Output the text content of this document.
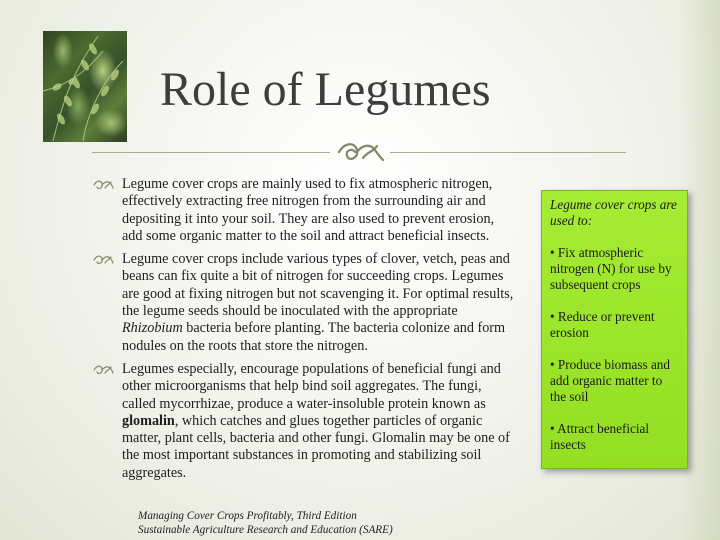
Role of Legumes
Legume cover crops are mainly used to fix atmospheric nitrogen, effectively extracting free nitrogen from the surrounding air and depositing it into your soil. They are also used to prevent erosion, add some organic matter to the soil and attract beneficial insects.
Legume cover crops include various types of clover, vetch, peas and beans can fix quite a bit of nitrogen for succeeding crops. Legumes are good at fixing nitrogen but not scavenging it. For optimal results, the legume seeds should be inoculated with the appropriate Rhizobium bacteria before planting. The bacteria colonize and form nodules on the roots that store the nitrogen.
Legumes especially, encourage populations of beneficial fungi and other microorganisms that help bind soil aggregates. The fungi, called mycorrhizae, produce a water-insoluble protein known as glomalin, which catches and glues together particles of organic matter, plant cells, bacteria and other fungi. Glomalin may be one of the most important substances in promoting and stabilizing soil aggregates.
Managing Cover Crops Profitably, Third Edition
Sustainable Agriculture Research and Education (SARE)
Legume cover crops are used to:
• Fix atmospheric nitrogen (N) for use by subsequent crops
• Reduce or prevent erosion
• Produce biomass and add organic matter to the soil
• Attract beneficial insects
